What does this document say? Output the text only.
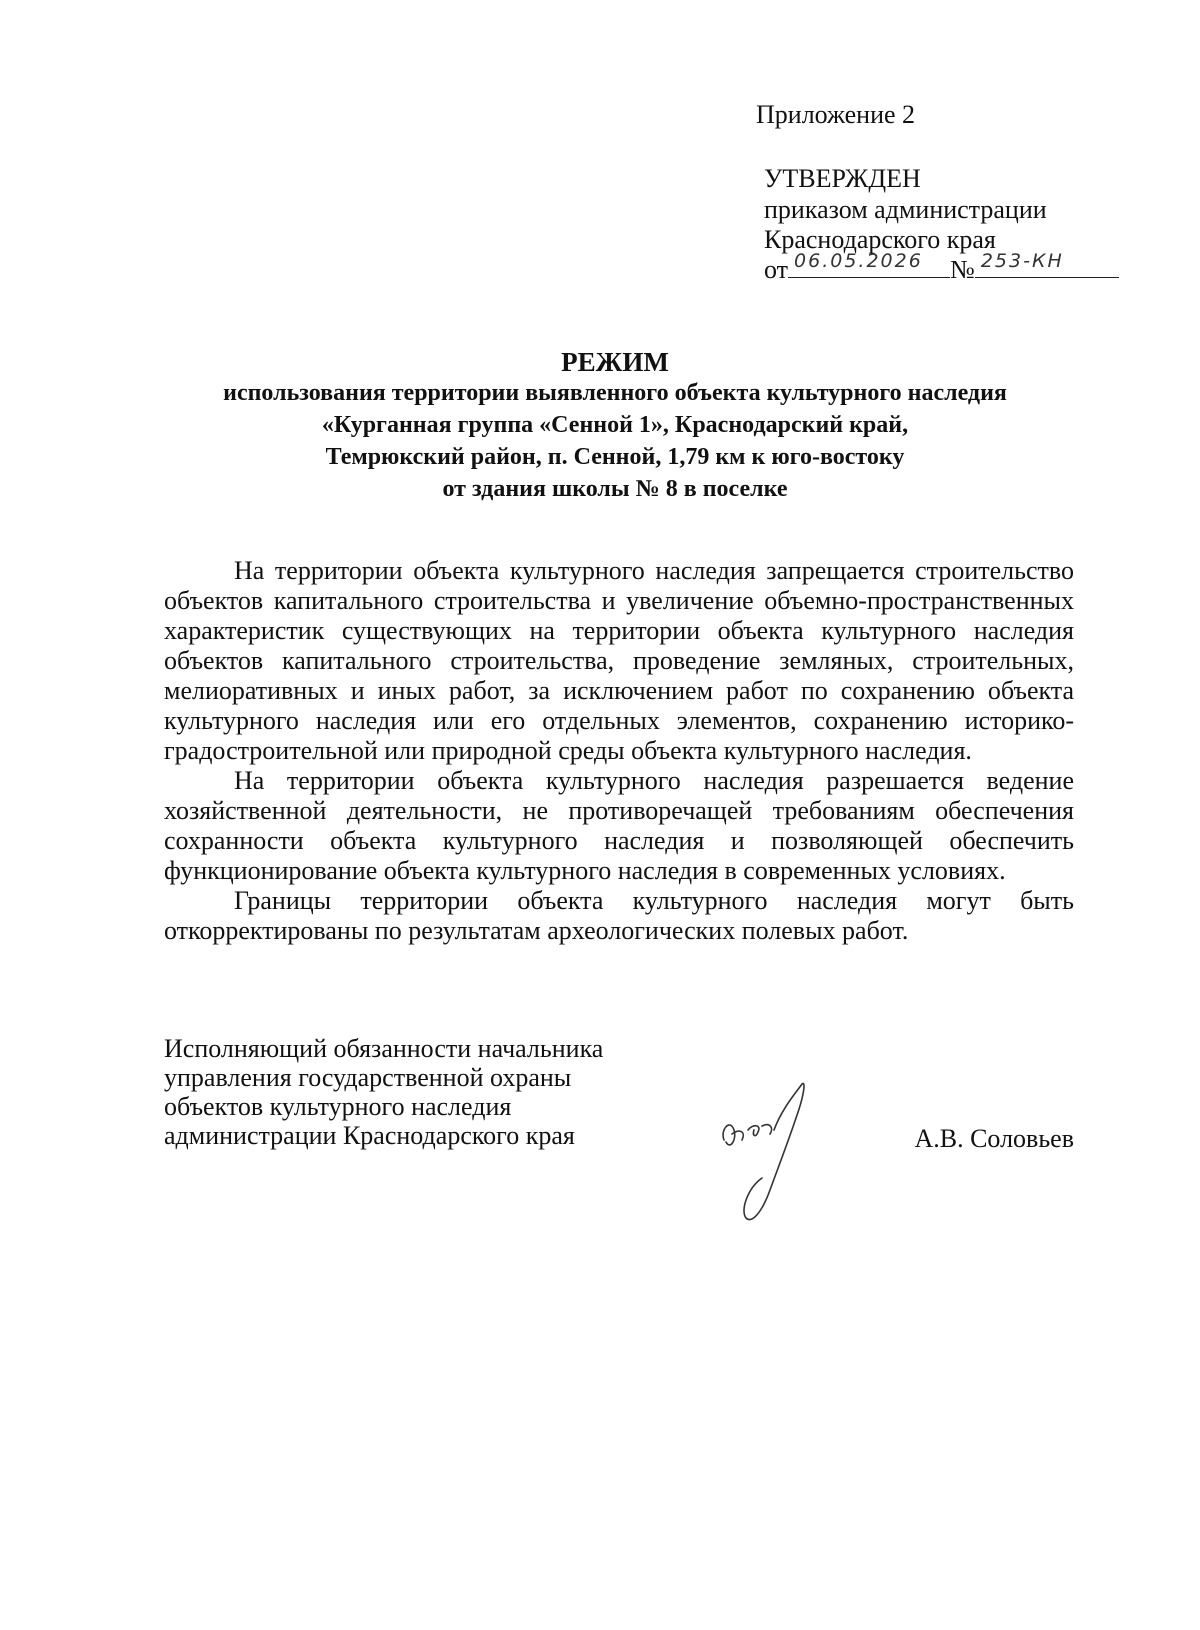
Приложение 2
УТВЕРЖДЕН
приказом администрации
Краснодарского края
от 06.05.2026 № 253-КН
РЕЖИМ
использования территории выявленного объекта культурного наследия
«Курганная группа «Сенной 1», Краснодарский край,
Темрюкский район, п. Сенной, 1,79 км к юго-востоку
от здания школы № 8 в поселке

На территории объекта культурного наследия запрещается строительство объектов капитального строительства и увеличение объемно-пространственных характеристик существующих на территории объекта культурного наследия объектов капитального строительства, проведение земляных, строительных, мелиоративных и иных работ, за исключением работ по сохранению объекта культурного наследия или его отдельных элементов, сохранению историко-градостроительной или природной среды объекта культурного наследия.

На территории объекта культурного наследия разрешается ведение хозяйственной деятельности, не противоречащей требованиям обеспечения сохранности объекта культурного наследия и позволяющей обеспечить функционирование объекта культурного наследия в современных условиях.

Границы территории объекта культурного наследия могут быть откорректированы по результатам археологических полевых работ.

Исполняющий обязанности начальника
управления государственной охраны
объектов культурного наследия
администрации Краснодарского края	А.В. Соловьев
